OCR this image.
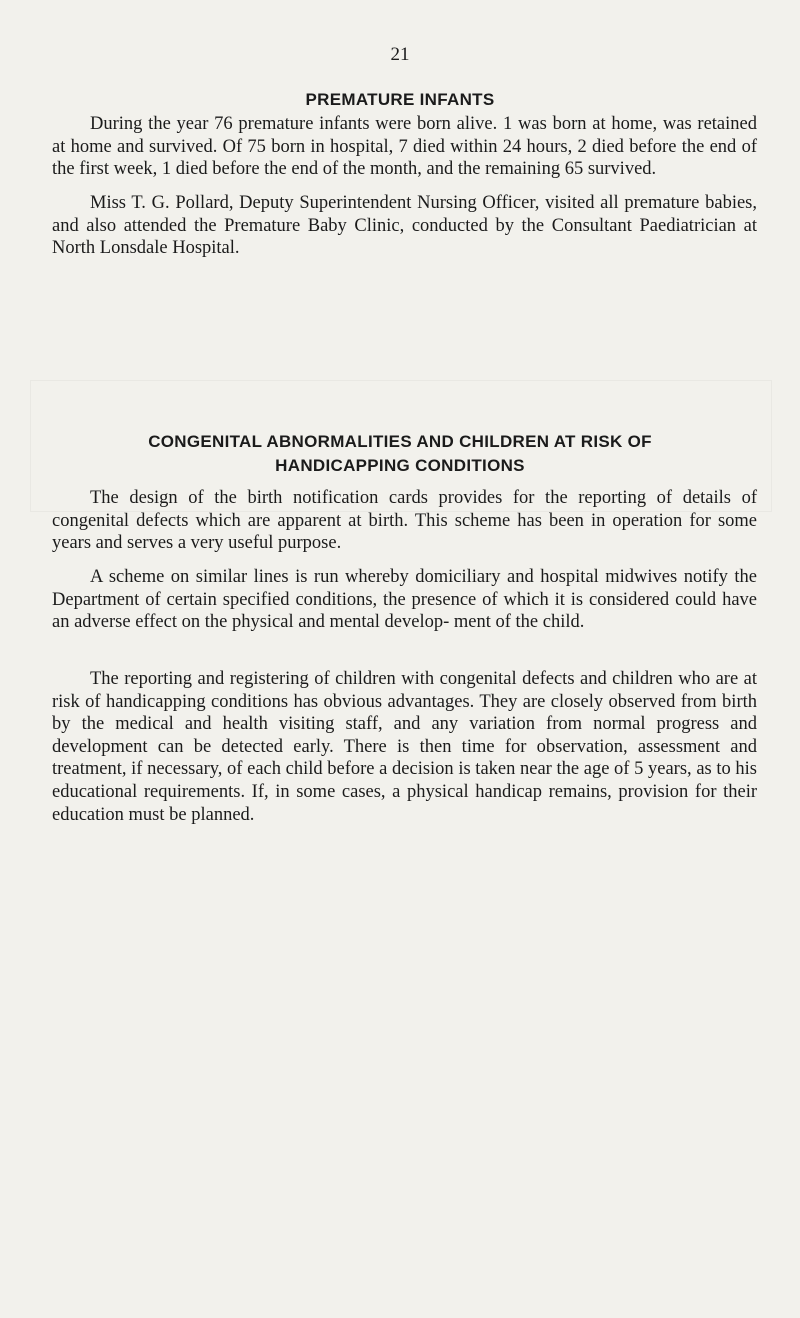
21
PREMATURE INFANTS

During the year 76 premature infants were born alive. 1 was born at home, was retained at home and survived. Of 75 born in hospital, 7 died within 24 hours, 2 died before the end of the first week, 1 died before the end of the month, and the remaining 65 survived.

Miss T. G. Pollard, Deputy Superintendent Nursing Officer, visited all premature babies, and also attended the Premature Baby Clinic, conducted by the Consultant Paediatrician at North Lonsdale Hospital.

CONGENITAL ABNORMALITIES AND CHILDREN AT RISK OF
HANDICAPPING CONDITIONS

The design of the birth notification cards provides for the reporting of details of congenital defects which are apparent at birth. This scheme has been in operation for some years and serves a very useful purpose.

A scheme on similar lines is run whereby domiciliary and hospital midwives notify the Department of certain specified conditions, the presence of which it is considered could have an adverse effect on the physical and mental develop- ment of the child.

The reporting and registering of children with congenital defects and children who are at risk of handicapping conditions has obvious advantages. They are closely observed from birth by the medical and health visiting staff, and any variation from normal progress and development can be detected early. There is then time for observation, assessment and treatment, if necessary, of each child before a decision is taken near the age of 5 years, as to his educational requirements. If, in some cases, a physical handicap remains, provision for their education must be planned.
